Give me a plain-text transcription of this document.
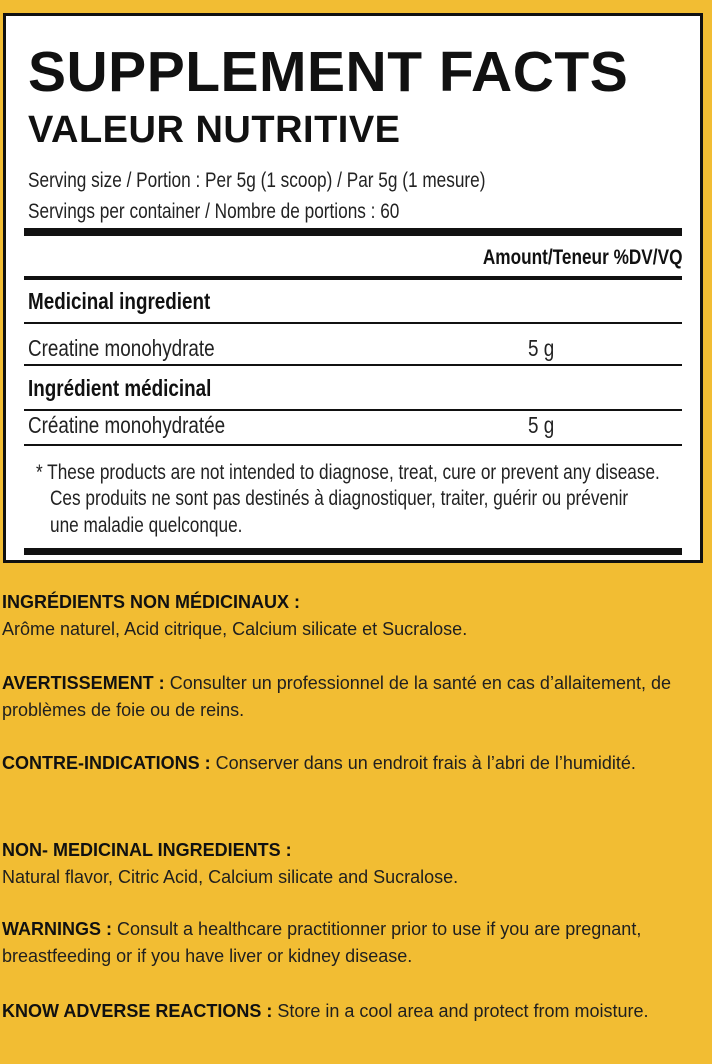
SUPPLEMENT FACTS
VALEUR NUTRITIVE
Serving size / Portion : Per 5g (1 scoop) / Par 5g (1 mesure)
Servings per container / Nombre de portions : 60
Amount/Teneur %DV/VQ
Medicinal ingredient
Creatine monohydrate	5 g
Ingrédient médicinal
Créatine monohydratée	5 g
* These products are not intended to diagnose, treat, cure or prevent any disease.
Ces produits ne sont pas destinés à diagnostiquer, traiter, guérir ou prévenir
une maladie quelconque.
INGRÉDIENTS NON MÉDICINAUX :
Arôme naturel, Acid citrique, Calcium silicate et Sucralose.
AVERTISSEMENT : Consulter un professionnel de la santé en cas d’allaitement, de problèmes de foie ou de reins.
CONTRE-INDICATIONS : Conserver dans un endroit frais à l’abri de l’humidité.
NON- MEDICINAL INGREDIENTS :
Natural flavor, Citric Acid, Calcium silicate and Sucralose.
WARNINGS : Consult a healthcare practitionner prior to use if you are pregnant, breastfeeding or if you have liver or kidney disease.
KNOW ADVERSE REACTIONS : Store in a cool area and protect from moisture.
